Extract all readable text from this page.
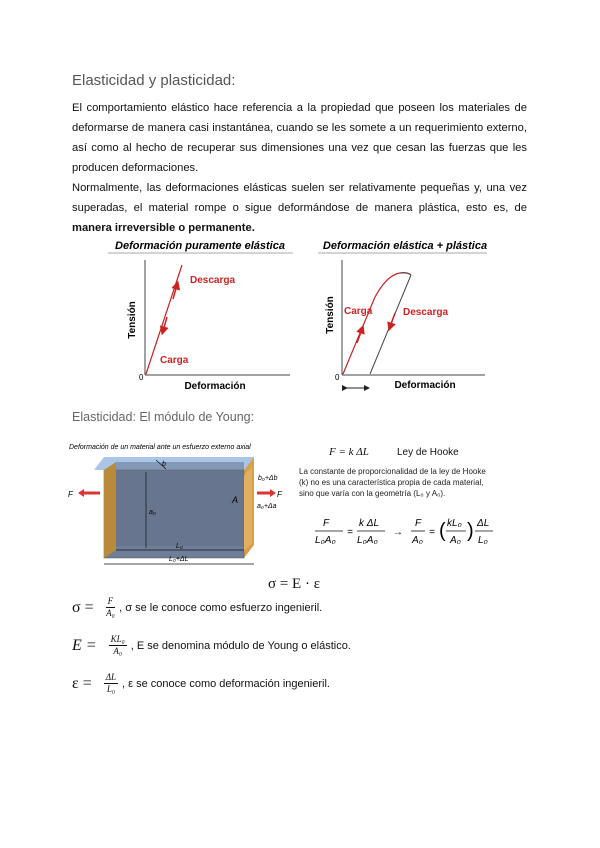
Elasticidad y plasticidad:
El comportamiento elástico hace referencia a la propiedad que poseen los materiales de deformarse de manera casi instantánea, cuando se les somete a un requerimiento externo, así como al hecho de recuperar sus dimensiones una vez que cesan las fuerzas que les producen deformaciones.
Normalmente, las deformaciones elásticas suelen ser relativamente pequeñas y, una vez superadas, el material rompe o sigue deformándose de manera plástica, esto es, de manera irreversible o permanente.
Deformación puramente elástica
0
Tensión
Deformación
Descarga
Carga
Deformación elástica + plástica
0
Tensión
Deformación
Carga	Descarga
Elasticidad: El módulo de Young:
Deformación de un material ante un esfuerzo externo axial
A
F	F
a₀
b
b₀+Δb
a₀+Δa
L₀
L₀+ΔL
F = k ΔL	Ley de Hooke
La constante de proporcionalidad de la ley de Hooke
(k) no es una característica propia de cada material,
sino que varía con la geometría (L₀ y A₀).
F
L₀A₀
=
k ΔL
L₀A₀
→
F
A₀
= ( kL₀
A₀ ) ΔL
L₀
σ = E · ε
$\sigma = \frac{F}{\text{A₀}}$ , σ se le conoce como esfuerzo ingenieril.
$E = \frac{\text{KL₀}}{\text{A₀}}$ , E se denomina módulo de Young o elástico.
$\varepsilon = \frac{\Delta L}{\text{L₀}}$ , ε se conoce como deformación ingenieril.
